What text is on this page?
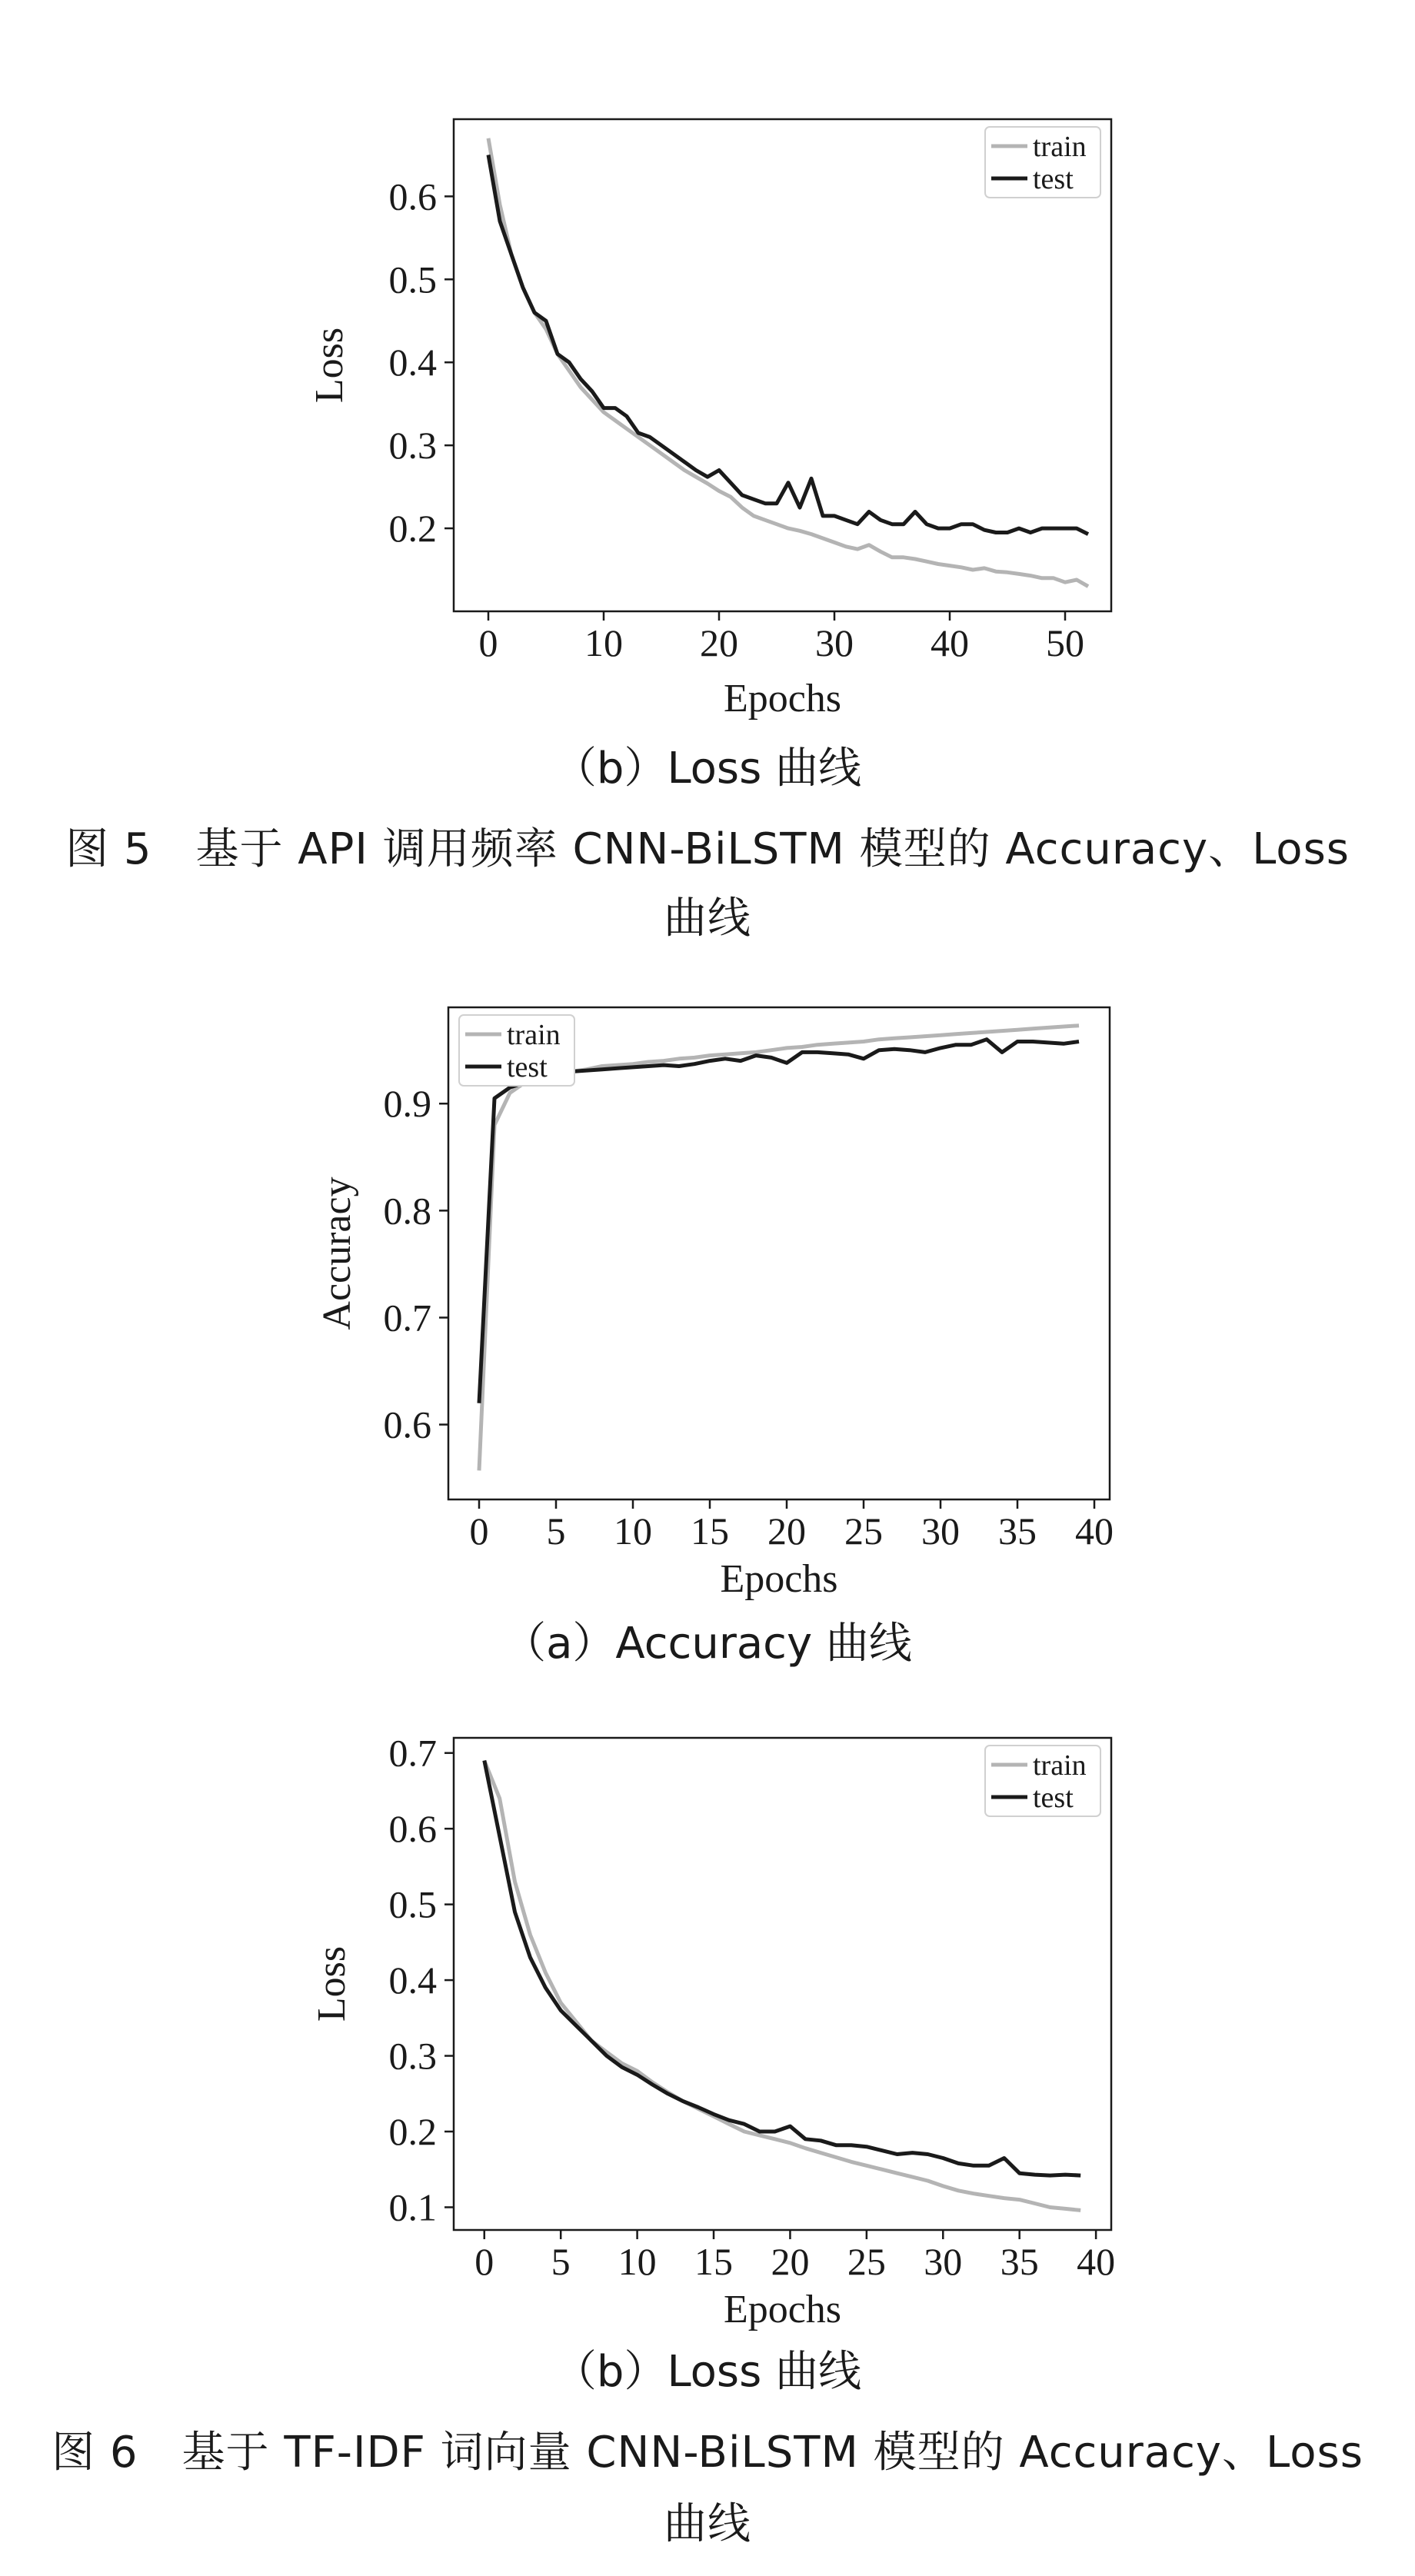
0 10 20 30 40 50
0.2
0.3
0.4
0.5
0.6
Epochs
Loss
train
test
（b）Loss 曲线
图 5　基于 API 调用频率 CNN-BiLSTM 模型的 Accuracy、Loss
曲线
0 5 10 15 20 25 30 35 40
0.6
0.7
0.8
0.9
Epochs
Accuracy
train
test
（a）Accuracy 曲线
0 5 10 15 20 25 30 35 40
0.1
0.2
0.3
0.4
0.5
0.6
0.7
Epochs
Loss
train
test
（b）Loss 曲线
图 6　基于 TF-IDF 词向量 CNN-BiLSTM 模型的 Accuracy、Loss
曲线
